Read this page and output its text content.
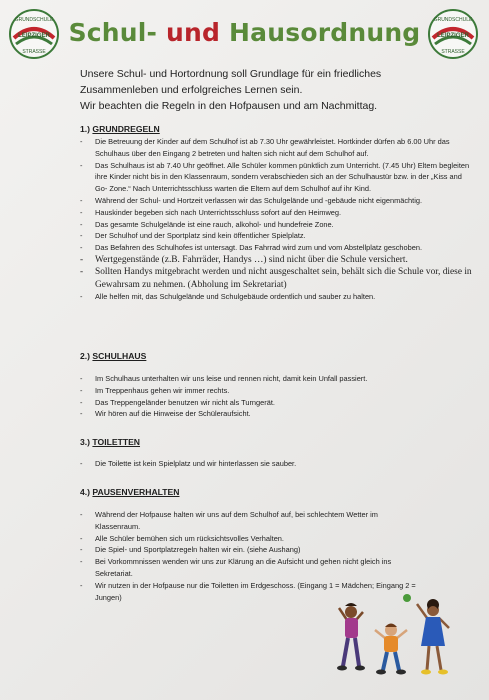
GRUNDSCHULE
LEIPZIGER
STRASSE
GRUNDSCHULE
LEIPZIGER
STRASSE
Schul- und Hausordnung
Unsere Schul- und Hortordnung soll Grundlage für ein friedliches
Zusammenleben und erfolgreiches Lernen sein.
Wir beachten die Regeln in den Hofpausen und am Nachmittag.
1.) GRUNDREGELN
- Die Betreuung der Kinder auf dem Schulhof ist ab 7.30 Uhr gewährleistet. Hortkinder dürfen ab 6.00 Uhr das Schulhaus über den Eingang 2 betreten und halten sich nicht auf dem Schulhof auf.
- Das Schulhaus ist ab 7.40 Uhr geöffnet. Alle Schüler kommen pünktlich zum Unterricht. (7.45 Uhr) Eltern begleiten ihre Kinder nicht bis in den Klassenraum, sondern verabschieden sich an der Schulhaustür bzw. in der „Kiss and Go- Zone.“ Nach Unterrichtsschluss warten die Eltern auf dem Schulhof auf ihr Kind.
- Während der Schul- und Hortzeit verlassen wir das Schulgelände und -gebäude nicht eigenmächtig.
- Hauskinder begeben sich nach Unterrichtsschluss sofort auf den Heimweg.
- Das gesamte Schulgelände ist eine rauch, alkohol- und hundefreie Zone.
- Der Schulhof und der Sportplatz sind kein öffentlicher Spielplatz.
- Das Befahren des Schulhofes ist untersagt. Das Fahrrad wird zum und vom Abstellplatz geschoben.
- Wertgegenstände (z.B. Fahrräder, Handys …) sind nicht über die Schule versichert.
- Sollten Handys mitgebracht werden und nicht ausgeschaltet sein, behält sich die Schule vor, diese in Gewahrsam zu nehmen. (Abholung im Sekretariat)
- Alle helfen mit, das Schulgelände und Schulgebäude ordentlich und sauber zu halten.
2.) SCHULHAUS
- Im Schulhaus unterhalten wir uns leise und rennen nicht, damit kein Unfall passiert.
- Im Treppenhaus gehen wir immer rechts.
- Das Treppengeländer benutzen wir nicht als Turngerät.
- Wir hören auf die Hinweise der Schüleraufsicht.
3.) TOILETTEN
- Die Toilette ist kein Spielplatz und wir hinterlassen sie sauber.
4.) PAUSENVERHALTEN
- Während der Hofpause halten wir uns auf dem Schulhof auf, bei schlechtem Wetter im Klassenraum.
- Alle Schüler bemühen sich um rücksichtsvolles Verhalten.
- Die Spiel- und Sportplatzregeln halten wir ein. (siehe Aushang)
- Bei Vorkommnissen wenden wir uns zur Klärung an die Aufsicht und gehen nicht gleich ins Sekretariat.
- Wir nutzen in der Hofpause nur die Toiletten im Erdgeschoss. (Eingang 1 = Mädchen; Eingang 2 = Jungen)
